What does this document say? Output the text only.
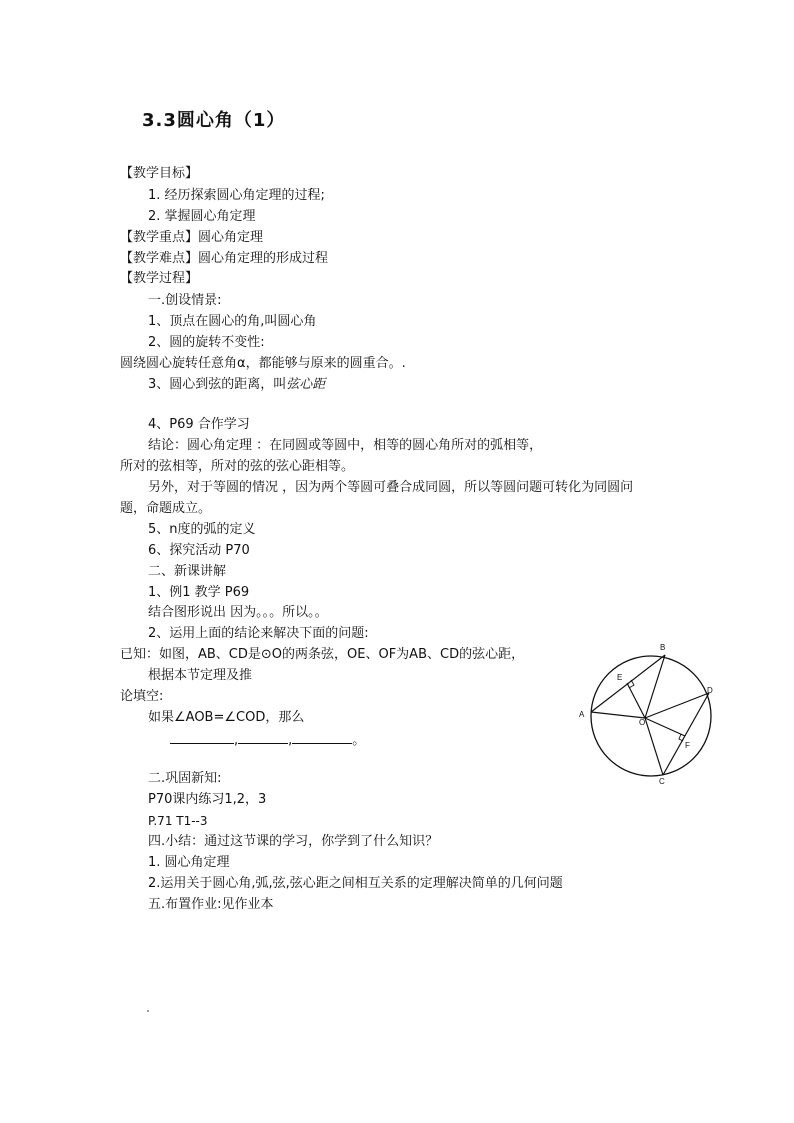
3.3圆心角（1）
【教学目标】
1. 经历探索圆心角定理的过程;
2. 掌握圆心角定理
【教学重点】圆心角定理
【教学难点】圆心角定理的形成过程
【教学过程】
一.创设情景:
1、顶点在圆心的角,叫圆心角
2、圆的旋转不变性:
圆绕圆心旋转任意角α，都能够与原来的圆重合。.
3、圆心到弦的距离，叫弦心距
4、P69 合作学习
结论：圆心角定理 ：在同圆或等圆中，相等的圆心角所对的弧相等，
所对的弦相等，所对的弦的弦心距相等。
另外，对于等圆的情况 ，因为两个等圆可叠合成同圆，所以等圆问题可转化为同圆问
题，命题成立。
5、n度的弧的定义
6、探究活动 P70
二、新课讲解
1、例1 教学 P69
结合图形说出 因为。。。所以。。
2、运用上面的结论来解决下面的问题:
已知：如图，AB、CD是⊙O的两条弦，OE、OF为AB、CD的弦心距，
根据本节定理及推
论填空:
如果∠AOB=∠COD，那么
,	,	。
二.巩固新知:
P70课内练习1,2，3
P.71 T1--3
四.小结：通过这节课的学习，你学到了什么知识？
1. 圆心角定理
2.运用关于圆心角,弧,弦,弦心距之间相互关系的定理解决简单的几何问题
五.布置作业:见作业本
A
B
C
D
E
F
O
